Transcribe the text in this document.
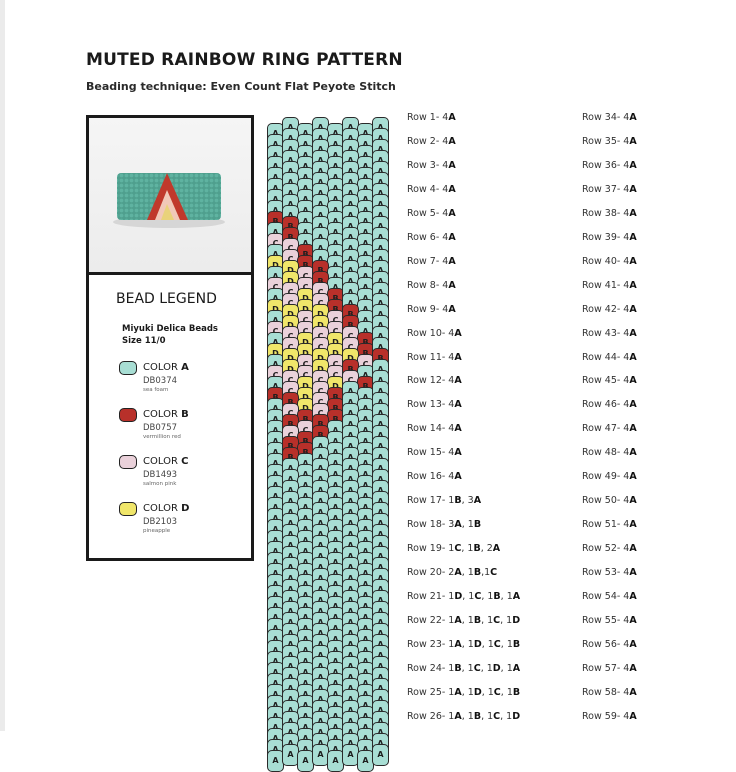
MUTED RAINBOW RING PATTERN
Beading technique: Even Count Flat Peyote Stitch
BEAD LEGEND
Miyuki Delica Beads
Size 11/0
COLOR A
DB0374
sea foam
COLOR B
DB0757
vermillion red
COLOR C
DB1493
salmon pink
COLOR D
DB2103
pineapple
A
A
A
A
A
A
A
A
Row 1- 4A
Row 2- 4A
Row 3- 4A
Row 4- 4A
Row 5- 4A
Row 6- 4A
Row 7- 4A
Row 8- 4A
Row 9- 4A
Row 10- 4A
Row 11- 4A
Row 12- 4A
Row 13- 4A
Row 14- 4A
Row 15- 4A
Row 16- 4A
Row 17- 1B, 3A
Row 18- 3A, 1B
Row 19- 1C, 1B, 2A
Row 20- 2A, 1B,1C
Row 21- 1D, 1C, 1B, 1A
Row 22- 1A, 1B, 1C, 1D
Row 23- 1A, 1D, 1C, 1B
Row 24- 1B, 1C, 1D, 1A
Row 25- 1A, 1D, 1C, 1B
Row 26- 1A, 1B, 1C, 1D
Row 34- 4A
Row 35- 4A
Row 36- 4A
Row 37- 4A
Row 38- 4A
Row 39- 4A
Row 40- 4A
Row 41- 4A
Row 42- 4A
Row 43- 4A
Row 44- 4A
Row 45- 4A
Row 46- 4A
Row 47- 4A
Row 48- 4A
Row 49- 4A
Row 50- 4A
Row 51- 4A
Row 52- 4A
Row 53- 4A
Row 54- 4A
Row 55- 4A
Row 56- 4A
Row 57- 4A
Row 58- 4A
Row 59- 4A
